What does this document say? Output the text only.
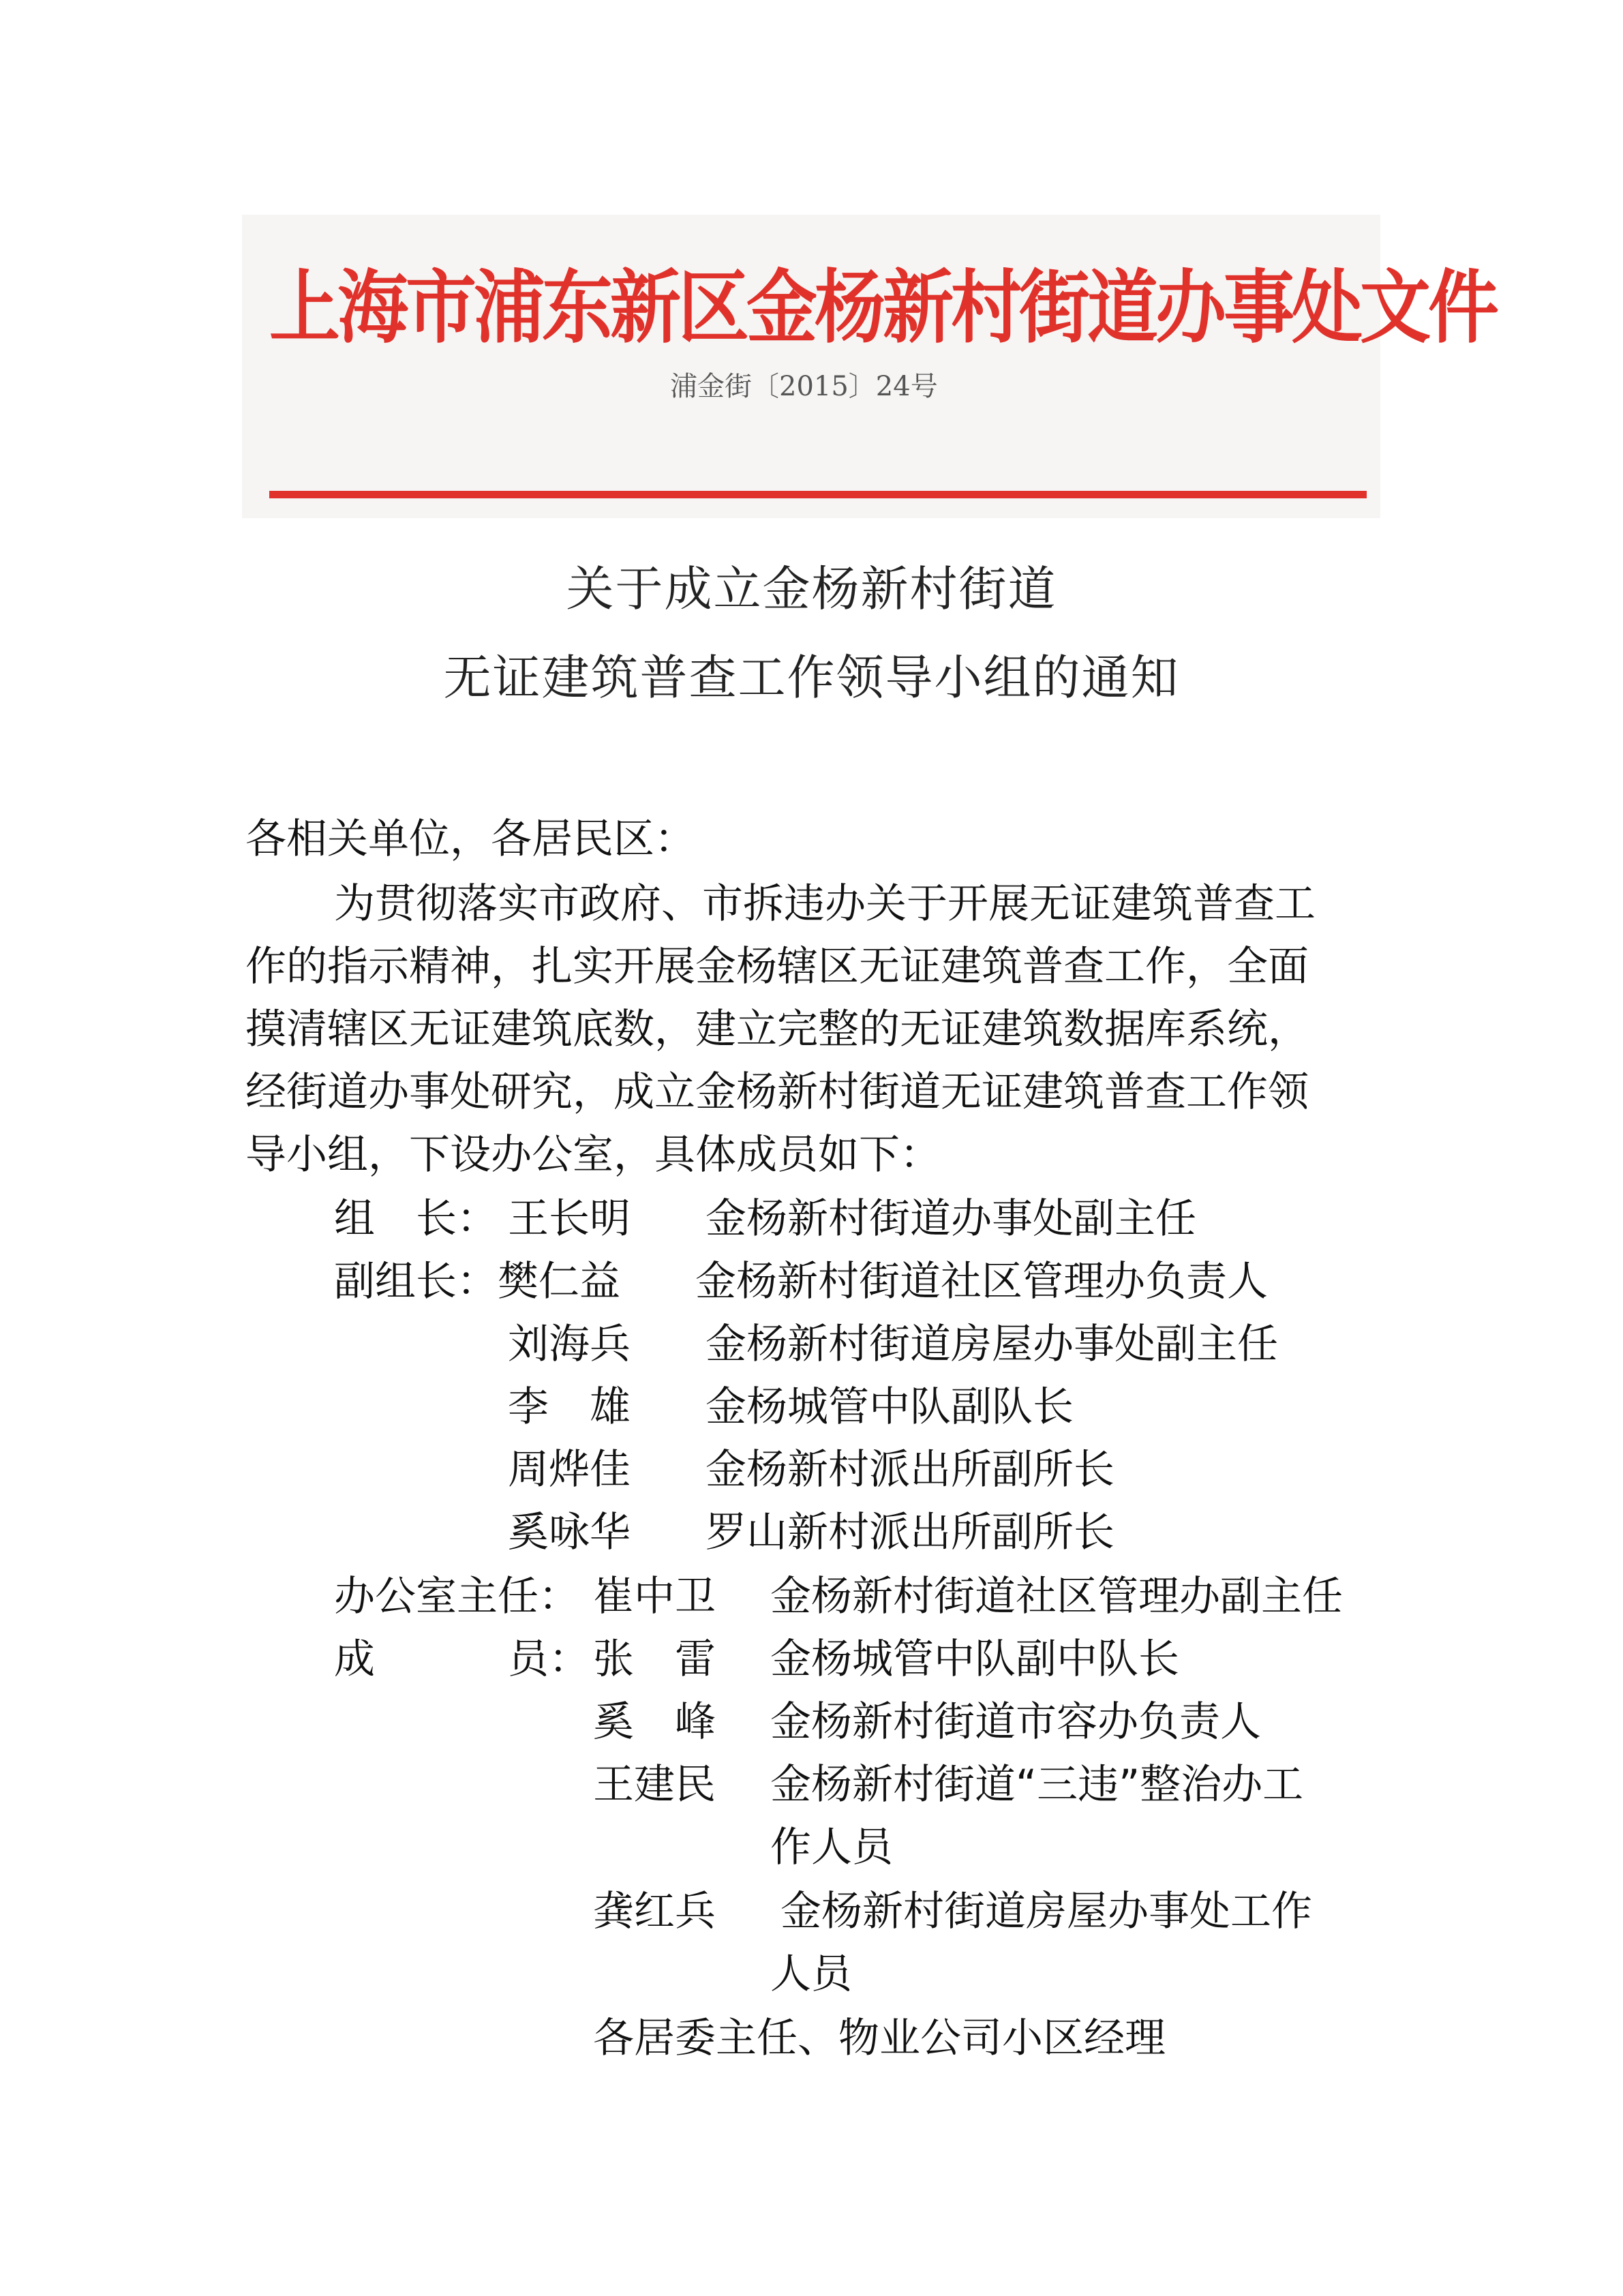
上海市浦东新区金杨新村街道办事处文件
浦金街〔2015〕24号
关于成立金杨新村街道
无证建筑普查工作领导小组的通知
各相关单位，各居民区：
为贯彻落实市政府、市拆违办关于开展无证建筑普查工
作的指示精神，扎实开展金杨辖区无证建筑普查工作，全面
摸清辖区无证建筑底数，建立完整的无证建筑数据库系统，
经街道办事处研究，成立金杨新村街道无证建筑普查工作领
导小组，下设办公室，具体成员如下：
组　长： 王长明 金杨新村街道办事处副主任
副组长： 樊仁益 金杨新村街道社区管理办负责人
刘海兵 金杨新村街道房屋办事处副主任
李　雄 金杨城管中队副队长
周烨佳 金杨新村派出所副所长
奚咏华 罗山新村派出所副所长
办公室主任： 崔中卫 金杨新村街道社区管理办副主任
成	员： 张　雷 金杨城管中队副中队长
奚　峰 金杨新村街道市容办负责人
王建民 金杨新村街道“三违”整治办工
作人员
龚红兵 金杨新村街道房屋办事处工作
人员
各居委主任、物业公司小区经理
